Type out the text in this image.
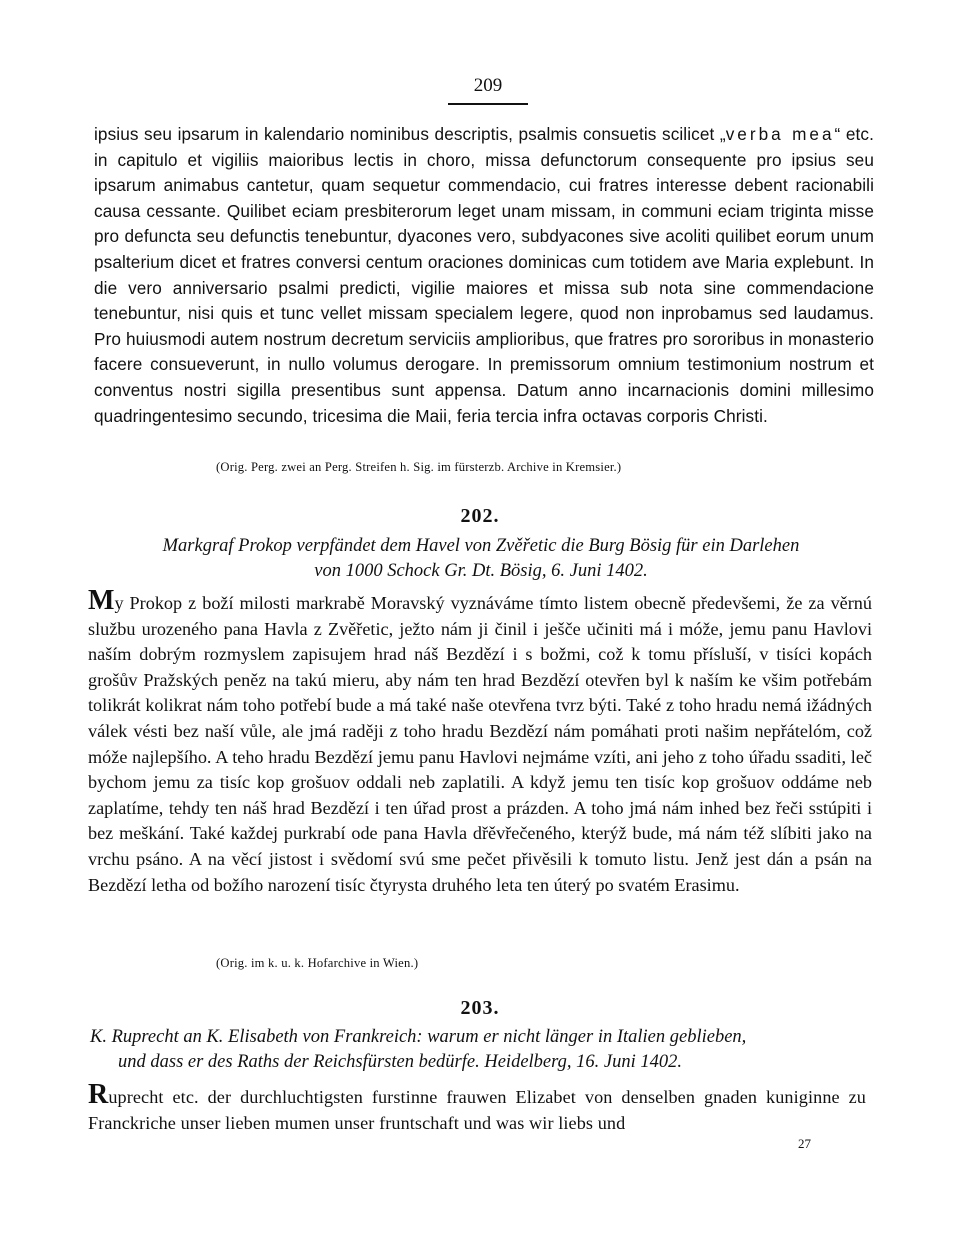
209
ipsius seu ipsarum in kalendario nominibus descriptis, psalmis consuetis scilicet „verba mea“ etc. in capitulo et vigiliis maioribus lectis in choro, missa defunctorum consequente pro ipsius seu ipsarum animabus cantetur, quam sequetur commendacio, cui fratres interesse debent racionabili causa cessante. Quilibet eciam presbiterorum leget unam missam, in communi eciam triginta misse pro defuncta seu defunctis tenebuntur, dyacones vero, subdyacones sive acoliti quilibet eorum unum psalterium dicet et fratres conversi centum oraciones dominicas cum totidem ave Maria explebunt. In die vero anniversario psalmi predicti, vigilie maiores et missa sub nota sine commendacione tenebuntur, nisi quis et tunc vellet missam specialem legere, quod non inprobamus sed laudamus. Pro huiusmodi autem nostrum decretum serviciis amplioribus, que fratres pro sororibus in monasterio facere consueverunt, in nullo volumus derogare. In premissorum omnium testimonium nostrum et conventus nostri sigilla presentibus sunt appensa. Datum anno incarnacionis domini millesimo quadringentesimo secundo, tricesima die Maii, feria tercia infra octavas corporis Christi.
(Orig. Perg. zwei an Perg. Streifen h. Sig. im fürsterzb. Archive in Kremsier.)
202.
Markgraf Prokop verpfändet dem Havel von Zvěřetic die Burg Bösig für ein Darlehen
von 1000 Schock Gr. Dt. Bösig, 6. Juni 1402.
My Prokop z boží milosti markrabě Moravský vyznáváme tímto listem obecně předevšemi, že za věrnú službu urozeného pana Havla z Zvěřetic, ježto nám ji činil i ješče učiniti má i móže, jemu panu Havlovi naším dobrým rozmyslem zapisujem hrad náš Bezdězí i s božmi, což k tomu přísluší, v tisíci kopách grošův Pražských peněz na takú mieru, aby nám ten hrad Bezdězí otevřen byl k naším ke všim potřebám tolikrát kolikrat nám toho potřebí bude a má také naše otevřena tvrz býti. Také z toho hradu nemá ižádných válek vésti bez naší vůle, ale jmá raději z toho hradu Bezdězí nám pomáhati proti našim nepřátelóm, což móže najlepšího. A teho hradu Bezdězí jemu panu Havlovi nejmáme vzíti, ani jeho z toho úřadu ssaditi, leč bychom jemu za tisíc kop grošuov oddali neb zaplatili. A když jemu ten tisíc kop grošuov oddáme neb zaplatíme, tehdy ten náš hrad Bezdězí i ten úřad prost a prázden. A toho jmá nám inhed bez řeči sstúpiti i bez meškání. Také každej purkrabí ode pana Havla dřěvřečeného, kterýž bude, má nám též slíbiti jako na vrchu psáno. A na věcí jistost i svědomí svú sme pečet přivěsili k tomuto listu. Jenž jest dán a psán na Bezdězí letha od božího narození tisíc čtyrysta druhého leta ten úterý po svatém Erasimu.
(Orig. im k. u. k. Hofarchive in Wien.)
203.
K. Ruprecht an K. Elisabeth von Frankreich: warum er nicht länger in Italien geblieben,
und dass er des Raths der Reichsfürsten bedürfe. Heidelberg, 16. Juni 1402.
Ruprecht etc. der durchluchtigsten furstinne frauwen Elizabet von denselben gnaden kuniginne zu Franckriche unser lieben mumen unser fruntschaft und was wir liebs und
27
